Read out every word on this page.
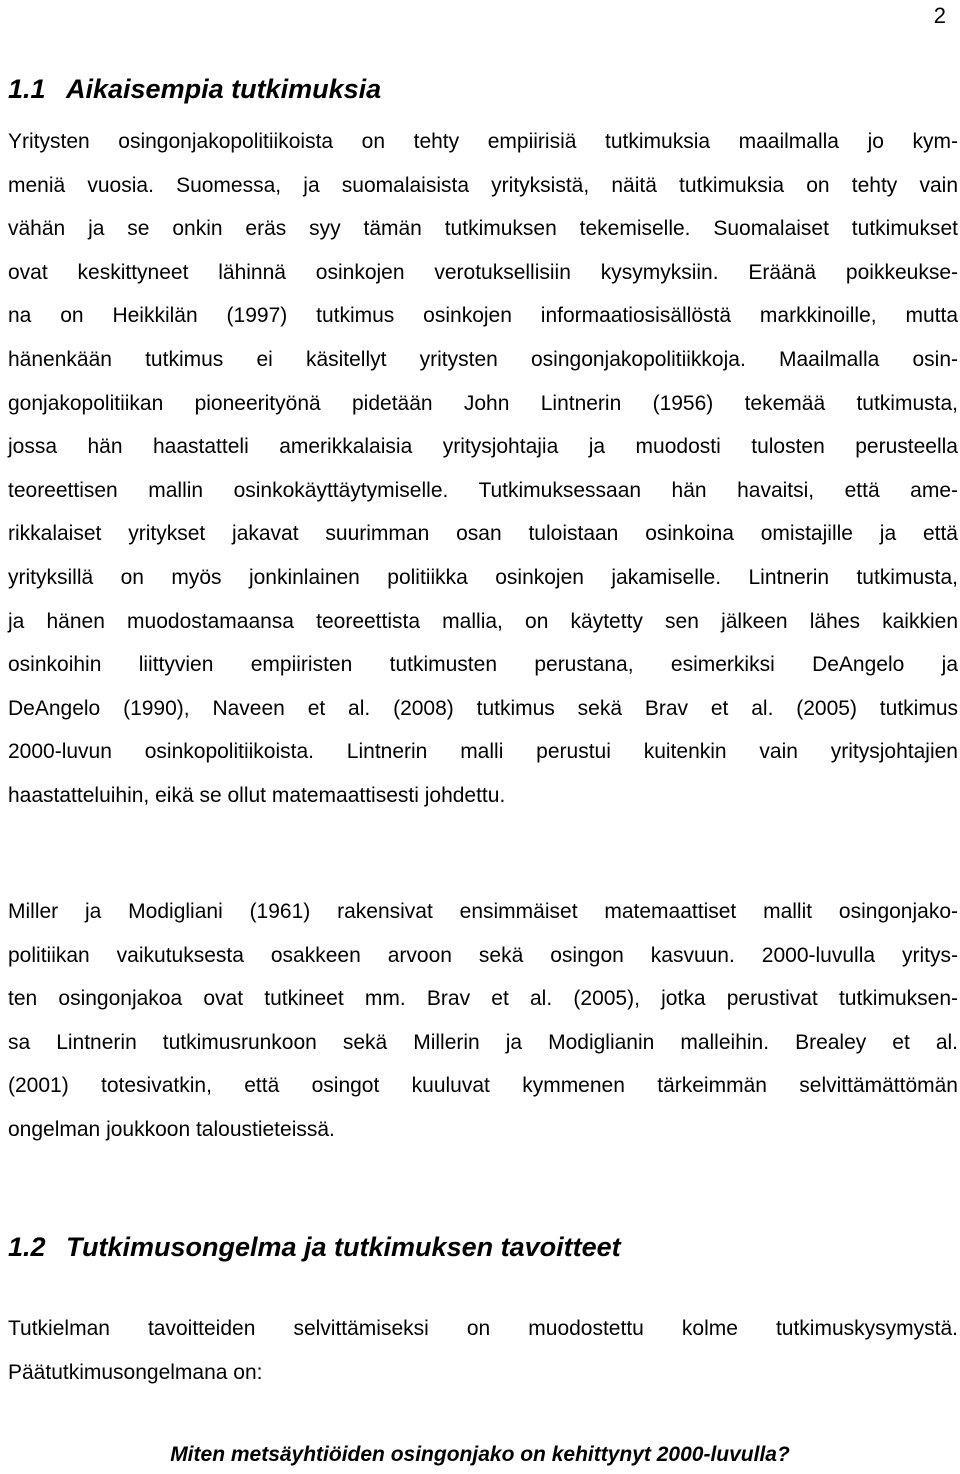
2
1.1 Aikaisempia tutkimuksia

Yritysten osingonjakopolitiikoista on tehty empiirisiä tutkimuksia maailmalla jo kym-
meniä vuosia. Suomessa, ja suomalaisista yrityksistä, näitä tutkimuksia on tehty vain
vähän ja se onkin eräs syy tämän tutkimuksen tekemiselle. Suomalaiset tutkimukset
ovat keskittyneet lähinnä osinkojen verotuksellisiin kysymyksiin. Eräänä poikkeukse-
na on Heikkilän (1997) tutkimus osinkojen informaatiosisällöstä markkinoille, mutta
hänenkään tutkimus ei käsitellyt yritysten osingonjakopolitiikkoja. Maailmalla osin-
gonjakopolitiikan pioneerityönä pidetään John Lintnerin (1956) tekemää tutkimusta,
jossa hän haastatteli amerikkalaisia yritysjohtajia ja muodosti tulosten perusteella
teoreettisen mallin osinkokäyttäytymiselle. Tutkimuksessaan hän havaitsi, että ame-
rikkalaiset yritykset jakavat suurimman osan tuloistaan osinkoina omistajille ja että
yrityksillä on myös jonkinlainen politiikka osinkojen jakamiselle. Lintnerin tutkimusta,
ja hänen muodostamaansa teoreettista mallia, on käytetty sen jälkeen lähes kaikkien
osinkoihin liittyvien empiiristen tutkimusten perustana, esimerkiksi DeAngelo ja
DeAngelo (1990), Naveen et al. (2008) tutkimus sekä Brav et al. (2005) tutkimus
2000-luvun osinkopolitiikoista. Lintnerin malli perustui kuitenkin vain yritysjohtajien
haastatteluihin, eikä se ollut matemaattisesti johdettu.

Miller ja Modigliani (1961) rakensivat ensimmäiset matemaattiset mallit osingonjako-
politiikan vaikutuksesta osakkeen arvoon sekä osingon kasvuun. 2000-luvulla yritys-
ten osingonjakoa ovat tutkineet mm. Brav et al. (2005), jotka perustivat tutkimuksen-
sa Lintnerin tutkimusrunkoon sekä Millerin ja Modiglianin malleihin. Brealey et al.
(2001) totesivatkin, että osingot kuuluvat kymmenen tärkeimmän selvittämättömän
ongelman joukkoon taloustieteissä.

1.2 Tutkimusongelma ja tutkimuksen tavoitteet

Tutkielman tavoitteiden selvittämiseksi on muodostettu kolme tutkimuskysymystä.
Päätutkimusongelmana on:

Miten metsäyhtiöiden osingonjako on kehittynyt 2000-luvulla?
